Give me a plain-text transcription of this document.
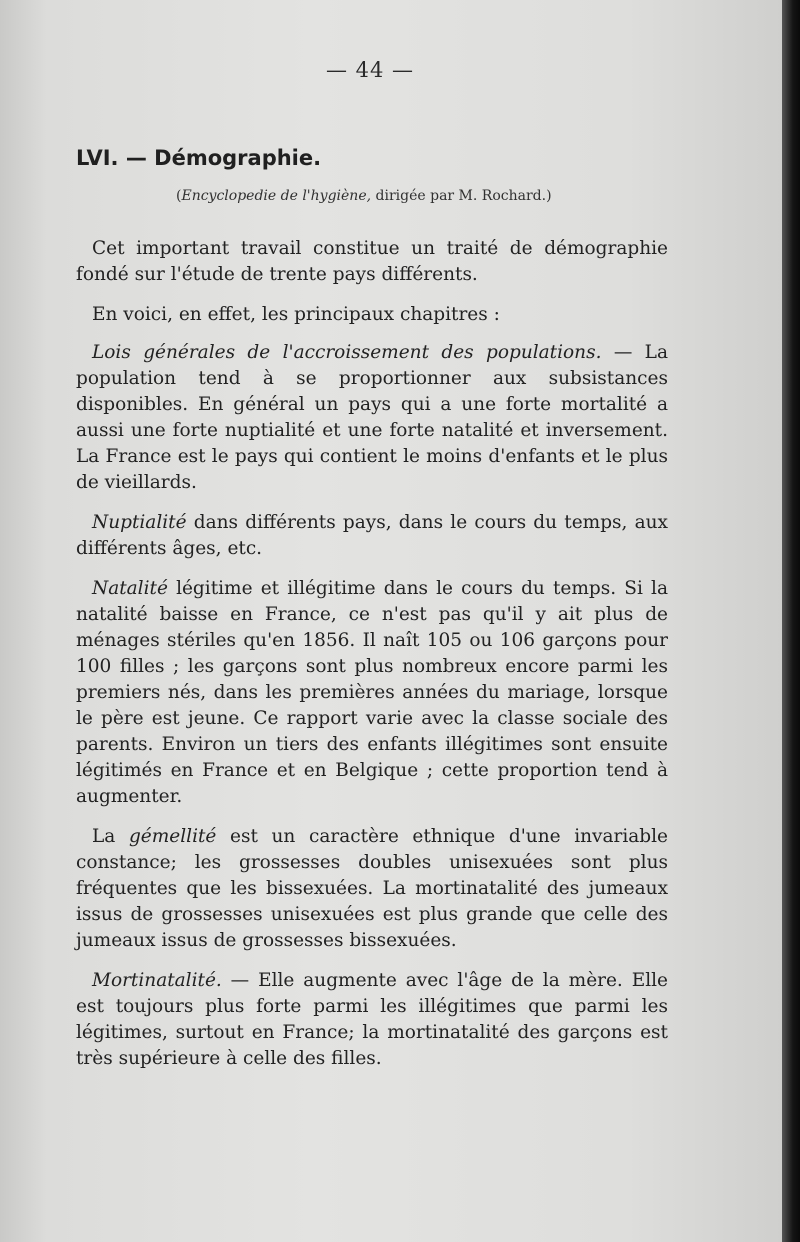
— 44 —
LVI. — Démographie.
(Encyclopedie de l'hygiène, dirigée par M. Rochard.)

Cet important travail constitue un traité de démographie fondé sur l'étude de trente pays différents.

En voici, en effet, les principaux chapitres :

Lois générales de l'accroissement des populations. — La population tend à se proportionner aux subsistances disponibles. En général un pays qui a une forte mortalité a aussi une forte nuptialité et une forte natalité et inversement. La France est le pays qui contient le moins d'enfants et le plus de vieillards.

Nuptialité dans différents pays, dans le cours du temps, aux différents âges, etc.

Natalité légitime et illégitime dans le cours du temps. Si la natalité baisse en France, ce n'est pas qu'il y ait plus de ménages stériles qu'en 1856. Il naît 105 ou 106 garçons pour 100 filles ; les garçons sont plus nombreux encore parmi les premiers nés, dans les premières années du mariage, lorsque le père est jeune. Ce rapport varie avec la classe sociale des parents. Environ un tiers des enfants illégitimes sont ensuite légitimés en France et en Belgique ; cette proportion tend à augmenter.

La gémellité est un caractère ethnique d'une invariable constance; les grossesses doubles unisexuées sont plus fréquentes que les bissexuées. La mortinatalité des jumeaux issus de grossesses unisexuées est plus grande que celle des jumeaux issus de grossesses bissexuées.

Mortinatalité. — Elle augmente avec l'âge de la mère. Elle est toujours plus forte parmi les illégitimes que parmi les légitimes, surtout en France; la mortinatalité des garçons est très supérieure à celle des filles.
